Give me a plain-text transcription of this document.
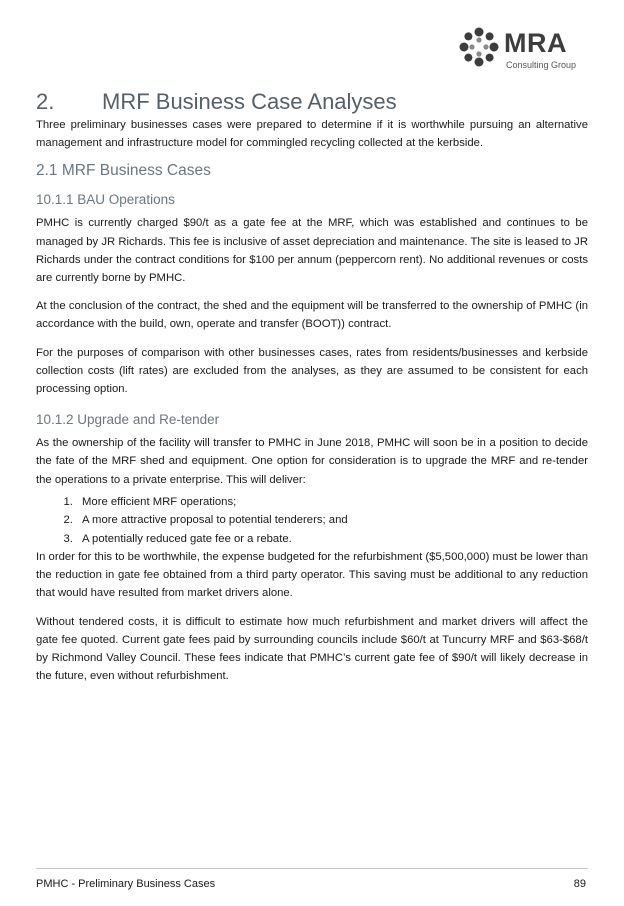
MRA
Consulting Group
2. MRF Business Case Analyses

Three preliminary businesses cases were prepared to determine if it is worthwhile pursuing an alternative management and infrastructure model for commingled recycling collected at the kerbside.

2.1 MRF Business Cases
10.1.1 BAU Operations

PMHC is currently charged $90/t as a gate fee at the MRF, which was established and continues to be managed by JR Richards. This fee is inclusive of asset depreciation and maintenance. The site is leased to JR Richards under the contract conditions for $100 per annum (peppercorn rent). No additional revenues or costs are currently borne by PMHC.

At the conclusion of the contract, the shed and the equipment will be transferred to the ownership of PMHC (in accordance with the build, own, operate and transfer (BOOT)) contract.

For the purposes of comparison with other businesses cases, rates from residents/businesses and kerbside collection costs (lift rates) are excluded from the analyses, as they are assumed to be consistent for each processing option.

10.1.2 Upgrade and Re-tender

As the ownership of the facility will transfer to PMHC in June 2018, PMHC will soon be in a position to decide the fate of the MRF shed and equipment. One option for consideration is to upgrade the MRF and re-tender the operations to a private enterprise. This will deliver:

1. More efficient MRF operations;
2. A more attractive proposal to potential tenderers; and
3. A potentially reduced gate fee or a rebate.

In order for this to be worthwhile, the expense budgeted for the refurbishment ($5,500,000) must be lower than the reduction in gate fee obtained from a third party operator. This saving must be additional to any reduction that would have resulted from market drivers alone.

Without tendered costs, it is difficult to estimate how much refurbishment and market drivers will affect the gate fee quoted. Current gate fees paid by surrounding councils include $60/t at Tuncurry MRF and $63-$68/t by Richmond Valley Council. These fees indicate that PMHC’s current gate fee of $90/t will likely decrease in the future, even without refurbishment.

PMHC - Preliminary Business Cases	89
